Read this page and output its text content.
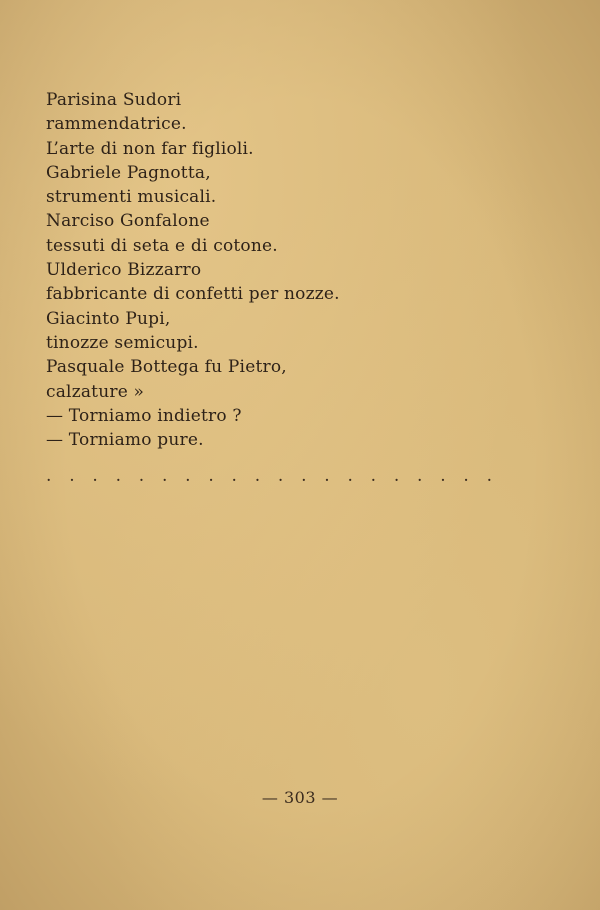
Parisina Sudori
rammendatrice.
L’arte di non far figlioli.
Gabriele Pagnotta,
strumenti musicali.
Narciso Gonfalone
tessuti di seta e di cotone.
Ulderico Bizzarro
fabbricante di confetti per nozze.
Giacinto Pupi,
tinozze semicupi.
Pasquale Bottega fu Pietro,
calzature »
— Torniamo indietro ?
— Torniamo pure.
. . . . . . . . . . . . . . . . . . . .
— 303 —
